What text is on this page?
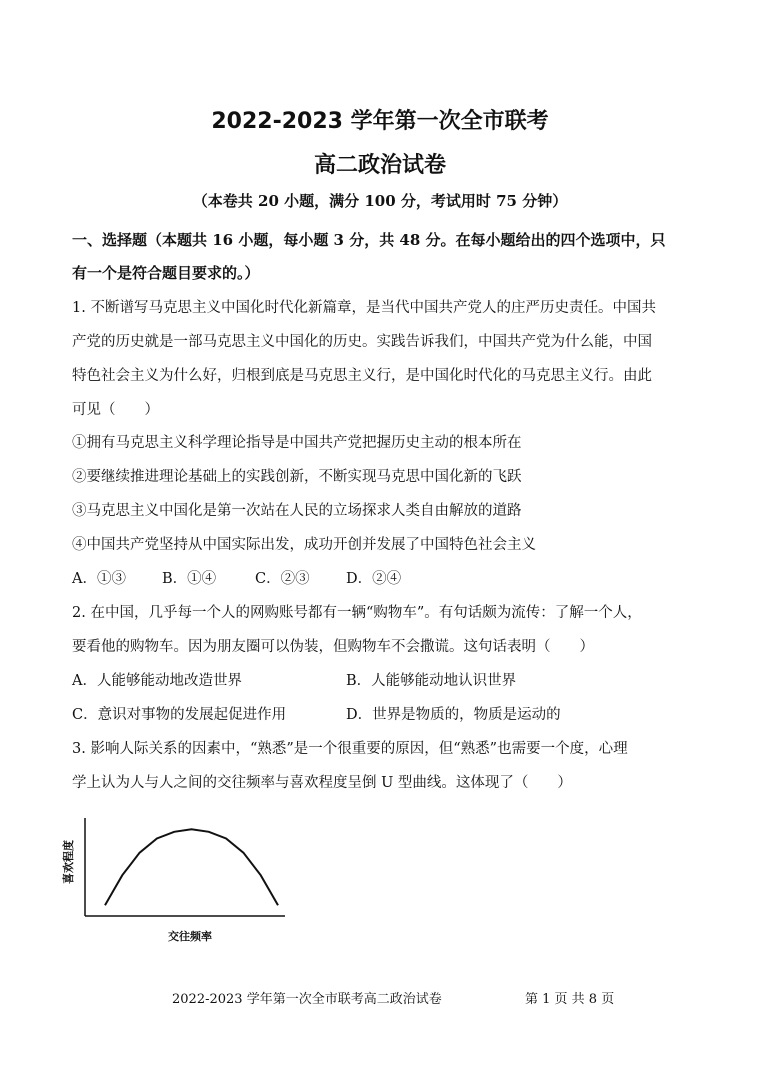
2022-2023 学年第一次全市联考
高二政治试卷
（本卷共 20 小题，满分 100 分，考试用时 75 分钟）
一、选择题（本题共 16 小题，每小题 3 分，共 48 分。在每小题给出的四个选项中，只
有一个是符合题目要求的。）
1. 不断谱写马克思主义中国化时代化新篇章，是当代中国共产党人的庄严历史责任。中国共
产党的历史就是一部马克思主义中国化的历史。实践告诉我们，中国共产党为什么能，中国
特色社会主义为什么好，归根到底是马克思主义行，是中国化时代化的马克思主义行。由此
可见（　　）
①拥有马克思主义科学理论指导是中国共产党把握历史主动的根本所在
②要继续推进理论基础上的实践创新，不断实现马克思中国化新的飞跃
③马克思主义中国化是第一次站在人民的立场探求人类自由解放的道路
④中国共产党坚持从中国实际出发，成功开创并发展了中国特色社会主义
A．①③ B．①④	C．②③	D．②④
2. 在中国，几乎每一个人的网购账号都有一辆“购物车”。有句话颇为流传：了解一个人，
要看他的购物车。因为朋友圈可以伪装，但购物车不会撒谎。这句话表明（　　）
A．人能够能动地改造世界	B．人能够能动地认识世界
C．意识对事物的发展起促进作用	D．世界是物质的，物质是运动的
3. 影响人际关系的因素中，“熟悉”是一个很重要的原因，但“熟悉”也需要一个度，心理
学上认为人与人之间的交往频率与喜欢程度呈倒 U 型曲线。这体现了（　　）
交往频率
喜欢程度
2022-2023 学年第一次全市联考高二政治试卷	第 1 页 共 8 页
